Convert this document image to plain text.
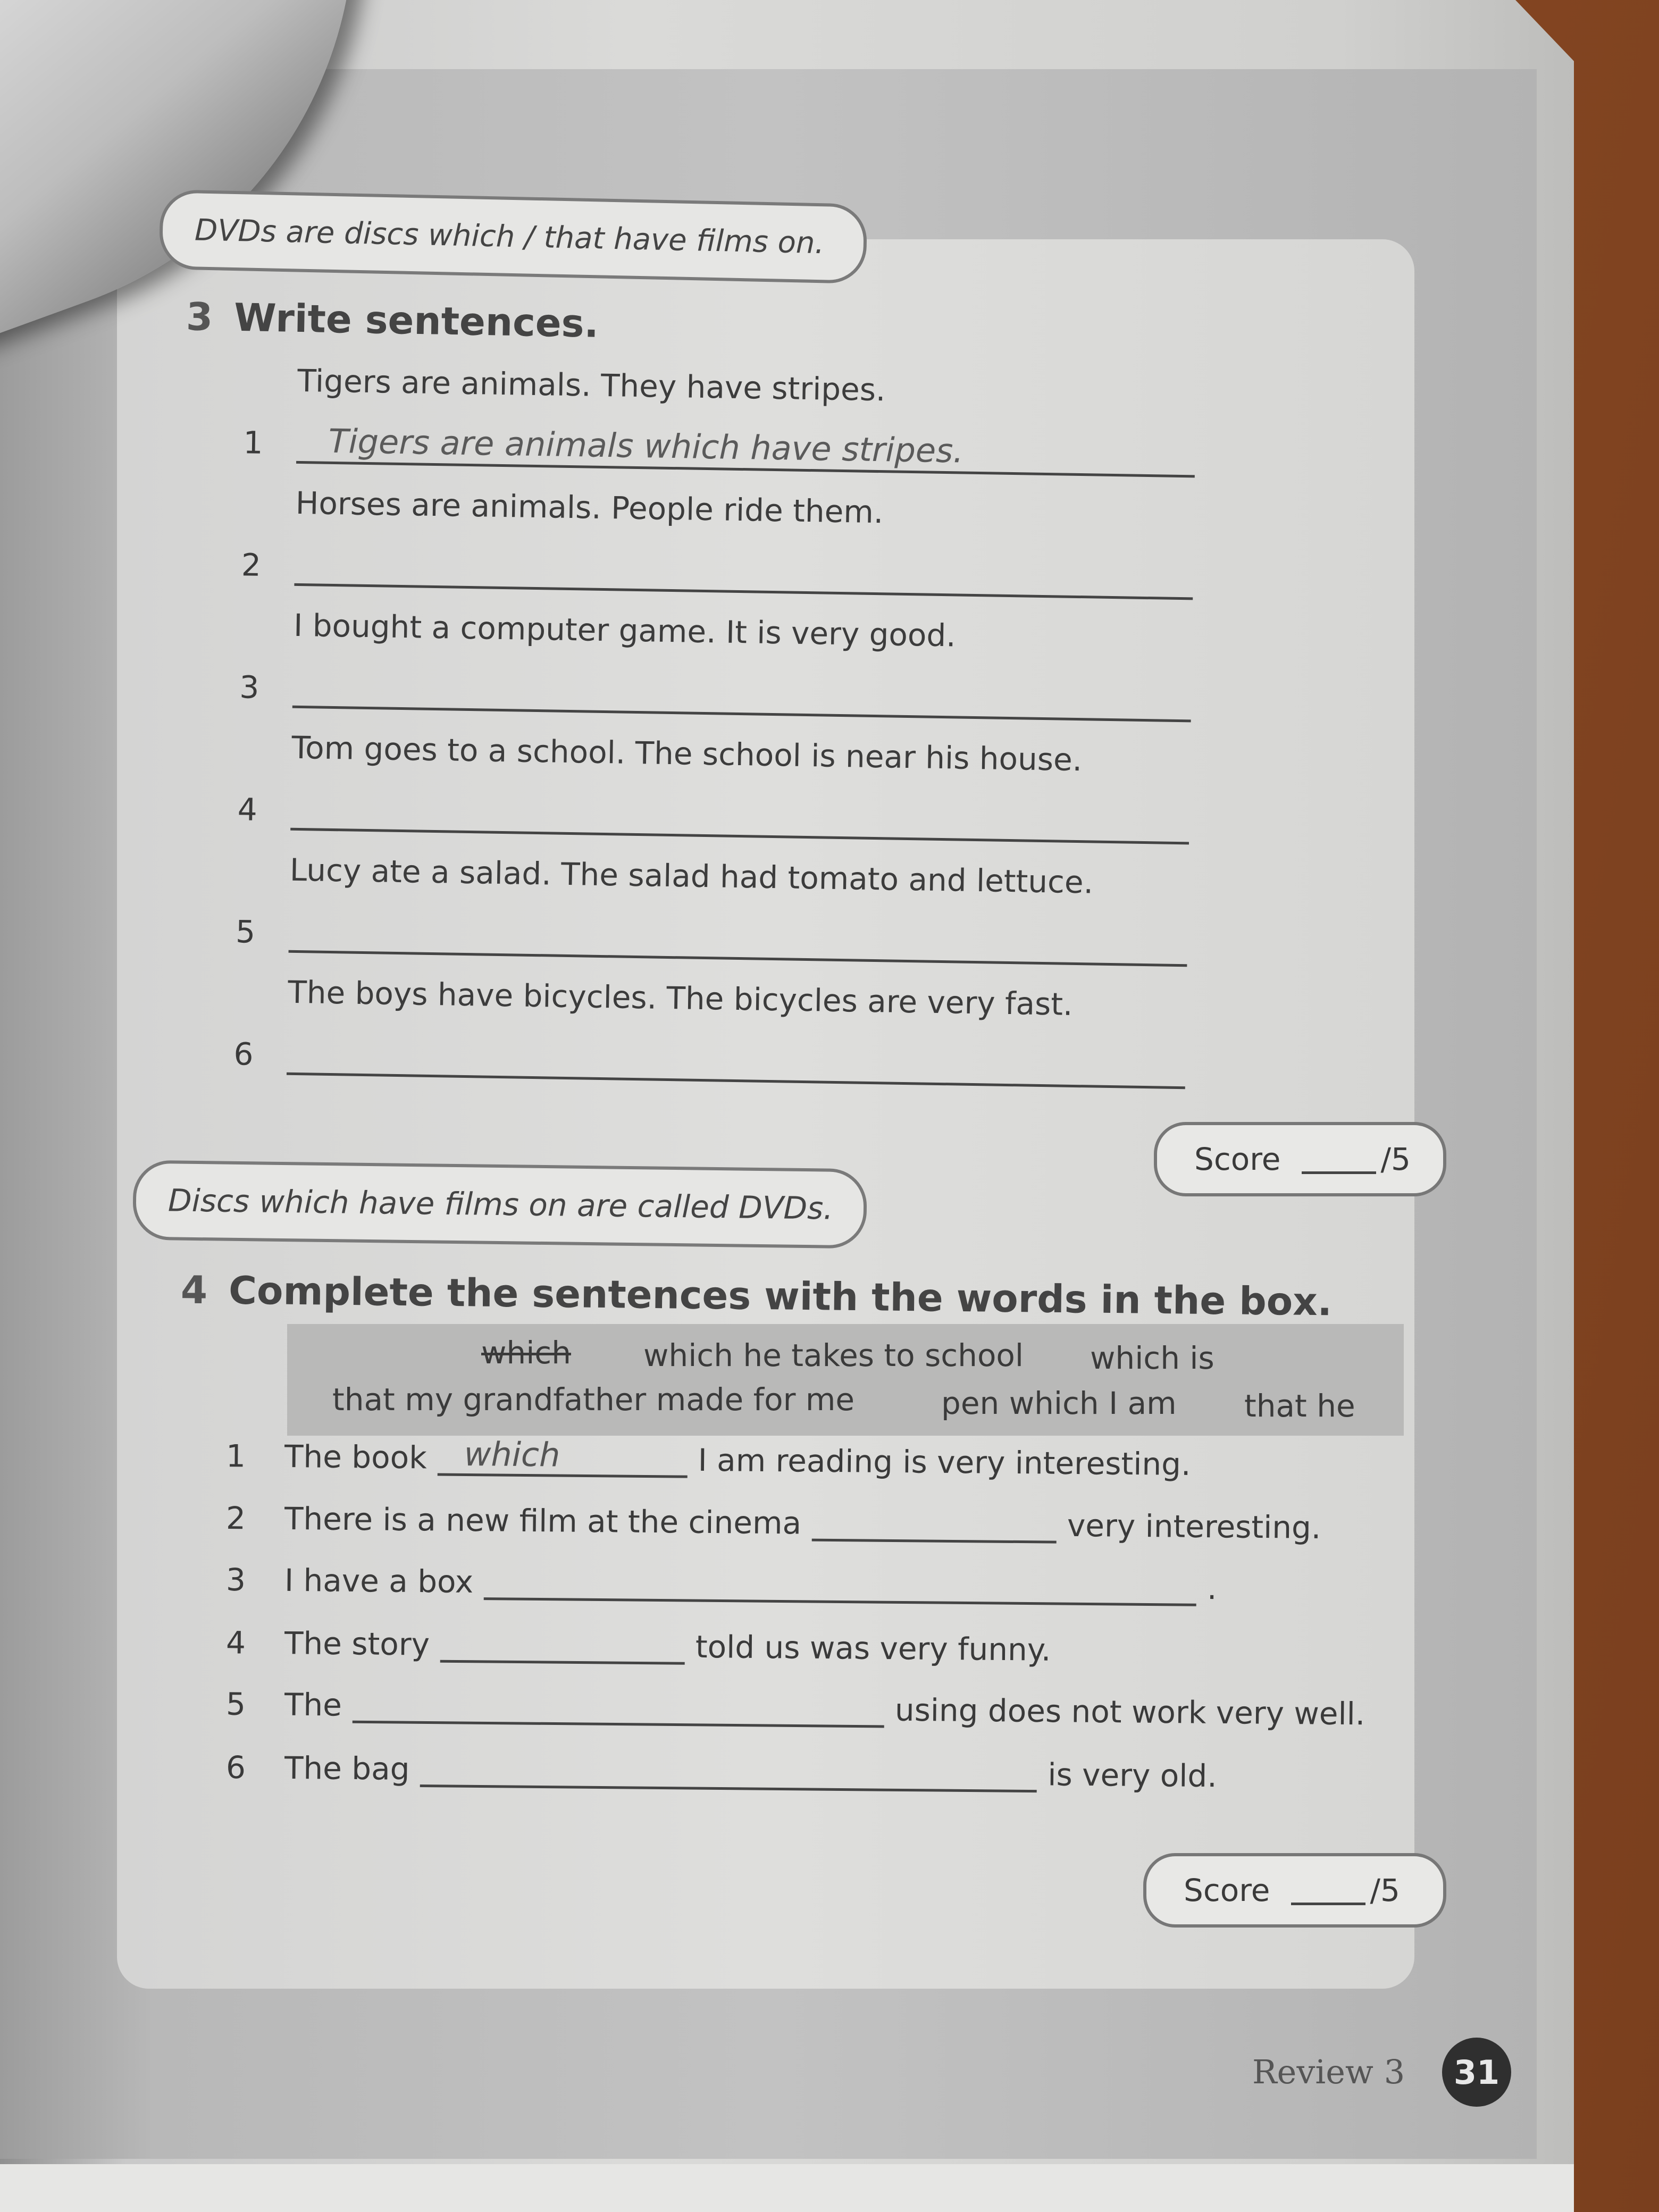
DVDs are discs which / that have films on.
3 Write sentences.
Tigers are animals. They have stripes.
1 Tigers are animals which have stripes.
Horses are animals. People ride them.
2
I bought a computer game. It is very good.
3
Tom goes to a school. The school is near his house.
4
Lucy ate a salad. The salad had tomato and lettuce.
5
The boys have bicycles. The bicycles are very fast.
6
Score	/5
Discs which have films on are called DVDs.
4 Complete the sentences with the words in the box.
which which he takes to school which is
that my grandfather made for me	pen which I am that he
1	The book which	I am reading is very interesting.
2	There is a new film at the cinema	very interesting.
3	I have a box	.
4	The story	told us was very funny.
5	The	using does not work very well.
6	The bag	is very old.
Score	/5
Review 3 31
